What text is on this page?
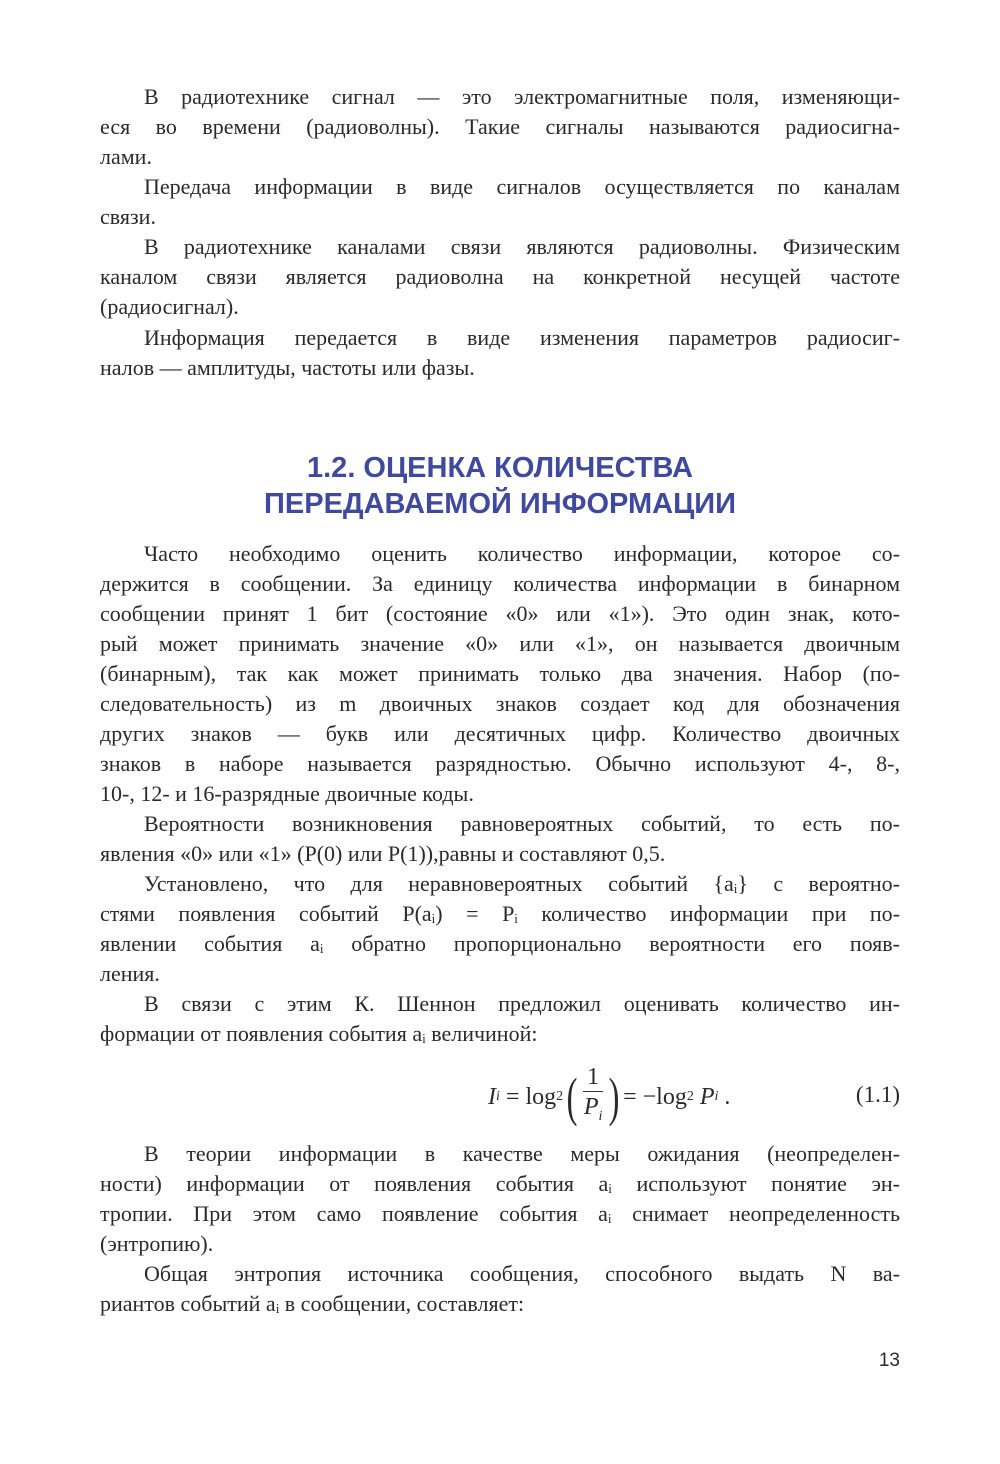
В радиотехнике сигнал — это электромагнитные поля, изменяющи-
еся во времени (радиоволны). Такие сигналы называются радиосигна-
лами.
Передача информации в виде сигналов осуществляется по каналам
связи.
В радиотехнике каналами связи являются радиоволны. Физическим
каналом связи является радиоволна на конкретной несущей частоте
(радиосигнал).
Информация передается в виде изменения параметров радиосиг-
налов — амплитуды, частоты или фазы.
1.2. ОЦЕНКА КОЛИЧЕСТВА
ПЕРЕДАВАЕМОЙ ИНФОРМАЦИИ
Часто необходимо оценить количество информации, которое со-
держится в сообщении. За единицу количества информации в бинарном
сообщении принят 1 бит (состояние «0» или «1»). Это один знак, кото-
рый может принимать значение «0» или «1», он называется двоичным
(бинарным), так как может принимать только два значения. Набор (по-
следовательность) из m двоичных знаков создает код для обозначения
других знаков — букв или десятичных цифр. Количество двоичных
знаков в наборе называется разрядностью. Обычно используют 4-, 8-,
10-, 12- и 16-разрядные двоичные коды.
Вероятности возникновения равновероятных событий, то есть по-
явления «0» или «1» (P(0) или P(1)),равны и составляют 0,5.
Установлено, что для неравновероятных событий {aᵢ} с вероятно-
стями появления событий P(aᵢ) = Pᵢ количество информации при по-
явлении события aᵢ обратно пропорционально вероятности его появ-
ления.
В связи с этим К. Шеннон предложил оценивать количество ин-
формации от появления события aᵢ величиной:
I i
=
log 2 ( $\frac{1}{P_i}$ ) =
− log 2
P i
.	(1.1)
В теории информации в качестве меры ожидания (неопределен-
ности) информации от появления события aᵢ используют понятие эн-
тропии. При этом само появление события aᵢ снимает неопределенность
(энтропию).
Общая энтропия источника сообщения, способного выдать N ва-
риантов событий aᵢ в сообщении, составляет:
13
